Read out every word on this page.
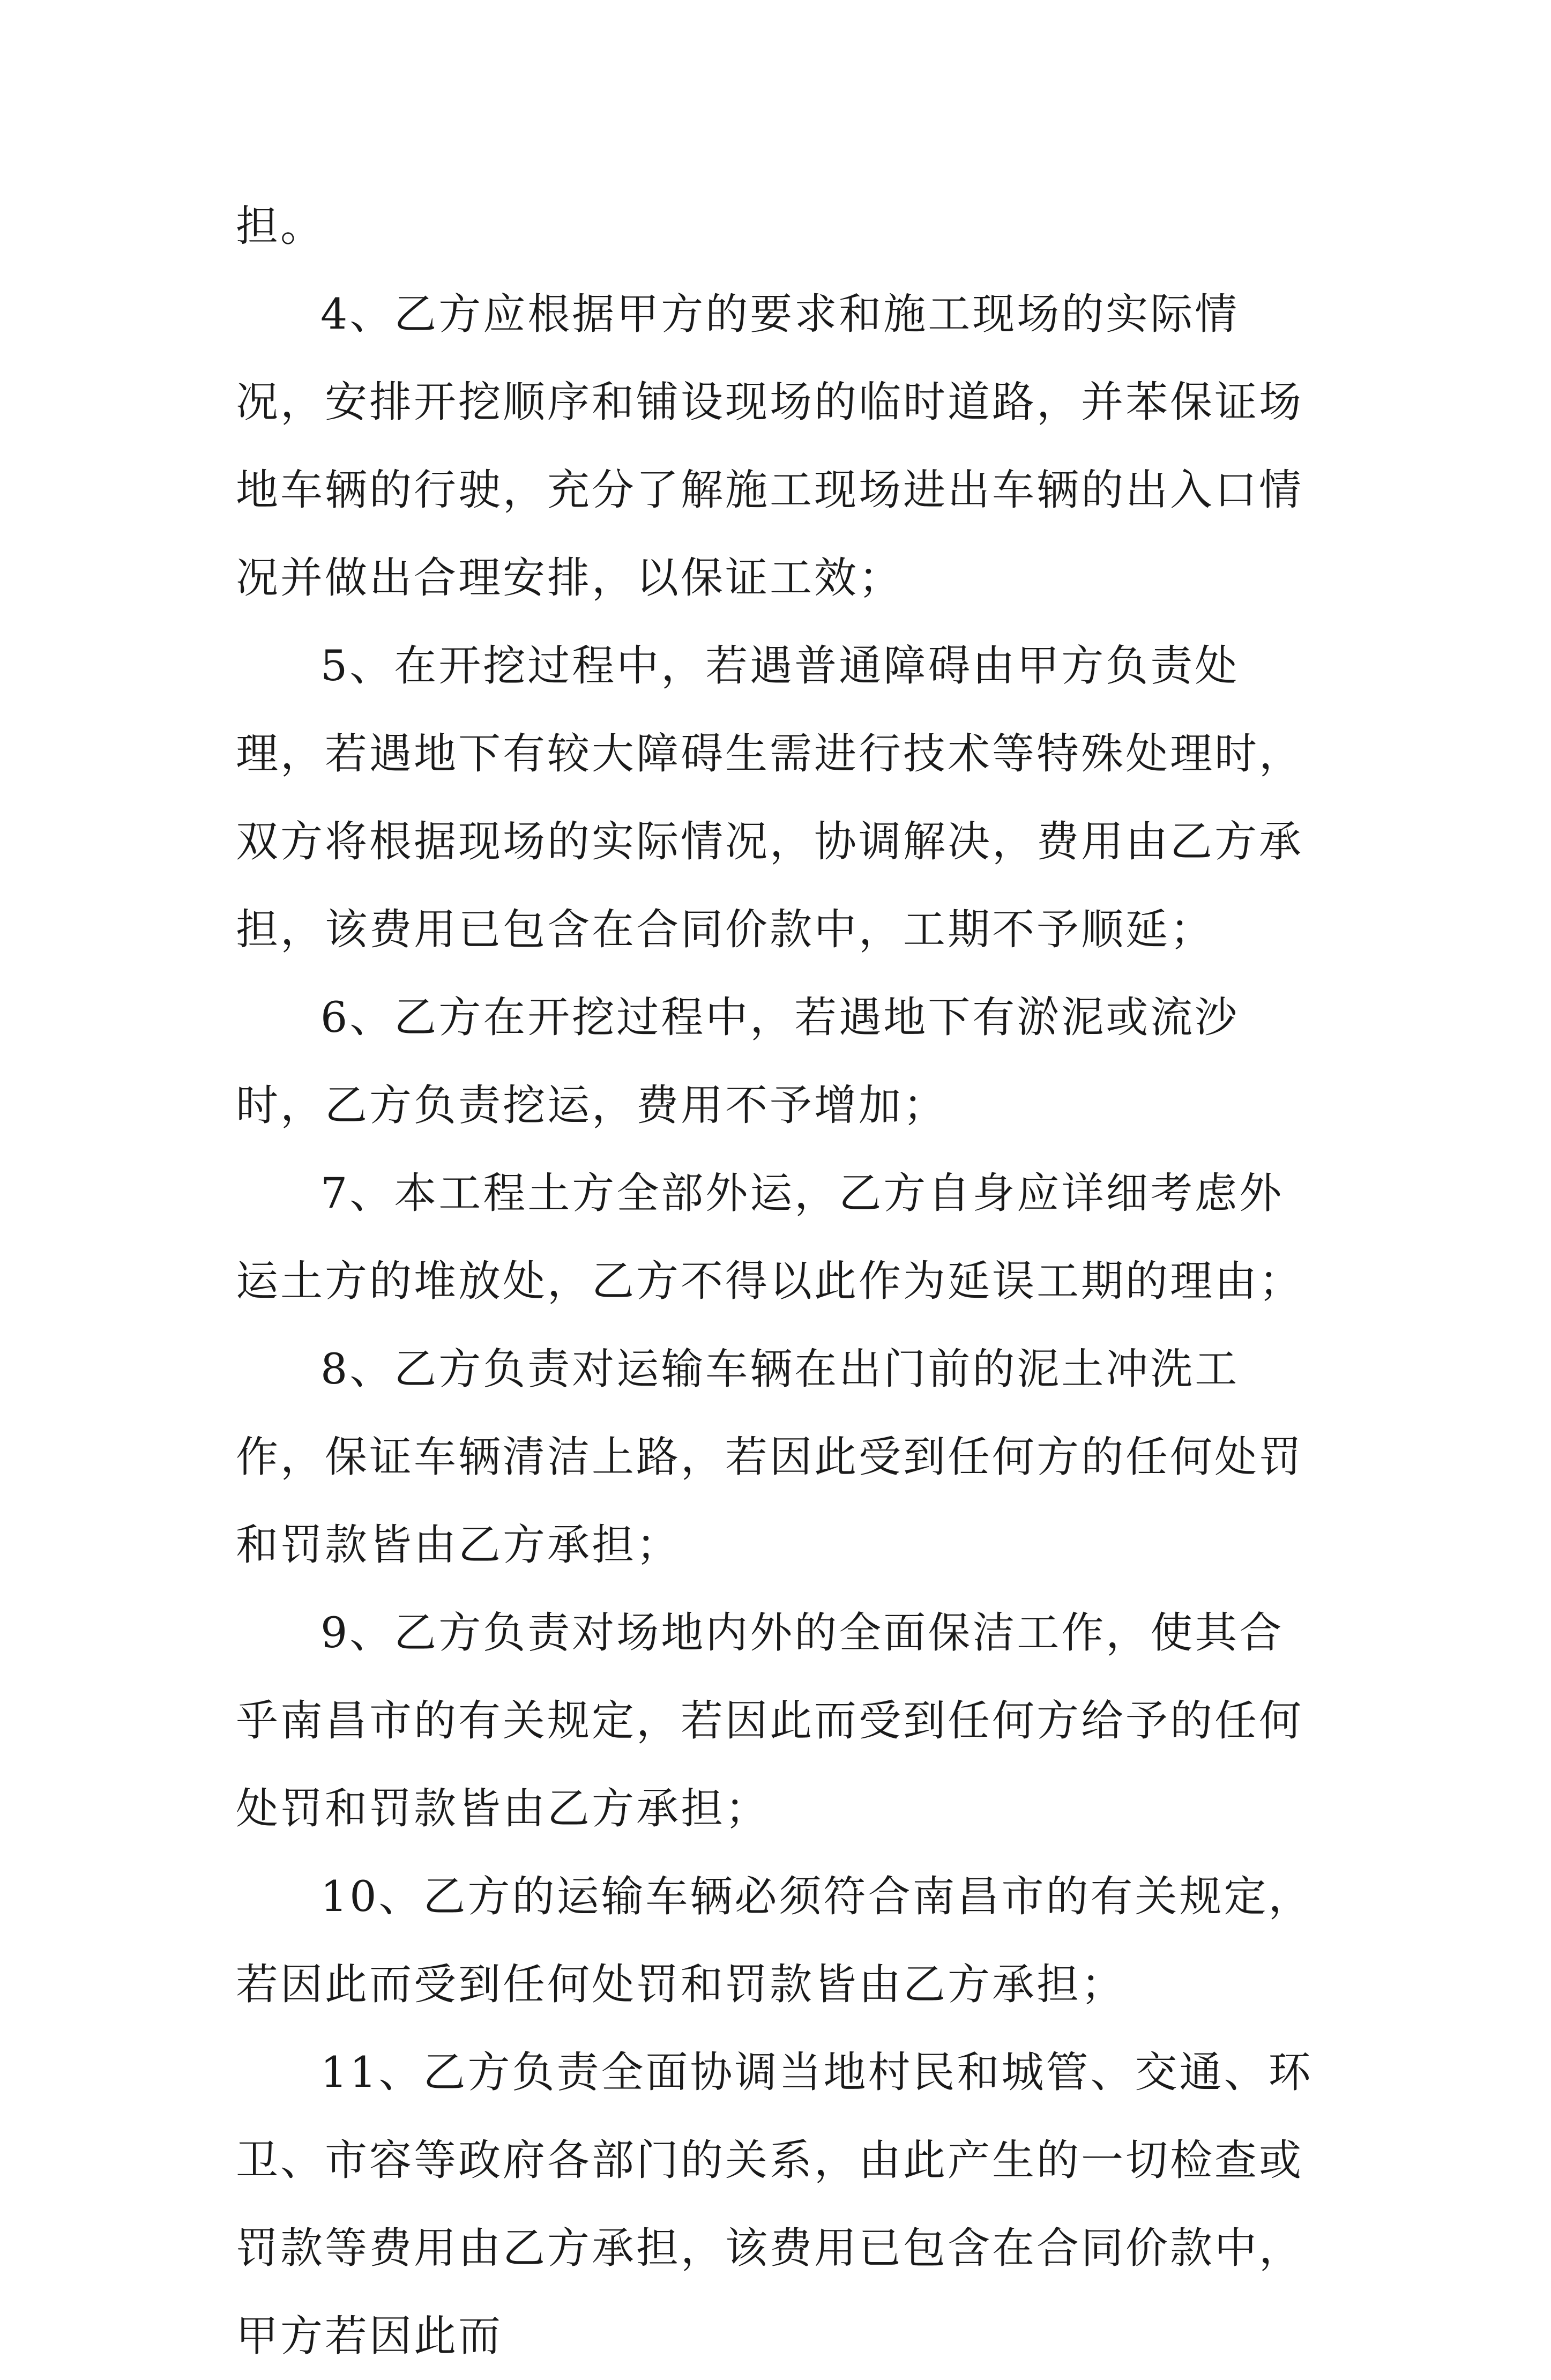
担。

4、乙方应根据甲方的要求和施工现场的实际情况，安排开挖顺序和铺设现场的临时道路，并苯保证场地车辆的行驶，充分了解施工现场进出车辆的出入口情况并做出合理安排，以保证工效；

5、在开挖过程中，若遇普通障碍由甲方负责处理，若遇地下有较大障碍生需进行技术等特殊处理时，双方将根据现场的实际情况，协调解决，费用由乙方承担，该费用已包含在合同价款中，工期不予顺延；

6、乙方在开挖过程中，若遇地下有淤泥或流沙时，乙方负责挖运，费用不予增加；

7、本工程土方全部外运，乙方自身应详细考虑外运土方的堆放处，乙方不得以此作为延误工期的理由；

8、乙方负责对运输车辆在出门前的泥土冲洗工作，保证车辆清洁上路，若因此受到任何方的任何处罚和罚款皆由乙方承担；

9、乙方负责对场地内外的全面保洁工作，使其合乎南昌市的有关规定，若因此而受到任何方给予的任何处罚和罚款皆由乙方承担；

10、乙方的运输车辆必须符合南昌市的有关规定，若因此而受到任何处罚和罚款皆由乙方承担；

11、乙方负责全面协调当地村民和城管、交通、环卫、市容等政府各部门的关系，由此产生的一切检查或罚款等费用由乙方承担，该费用已包含在合同价款中，甲方若因此而
